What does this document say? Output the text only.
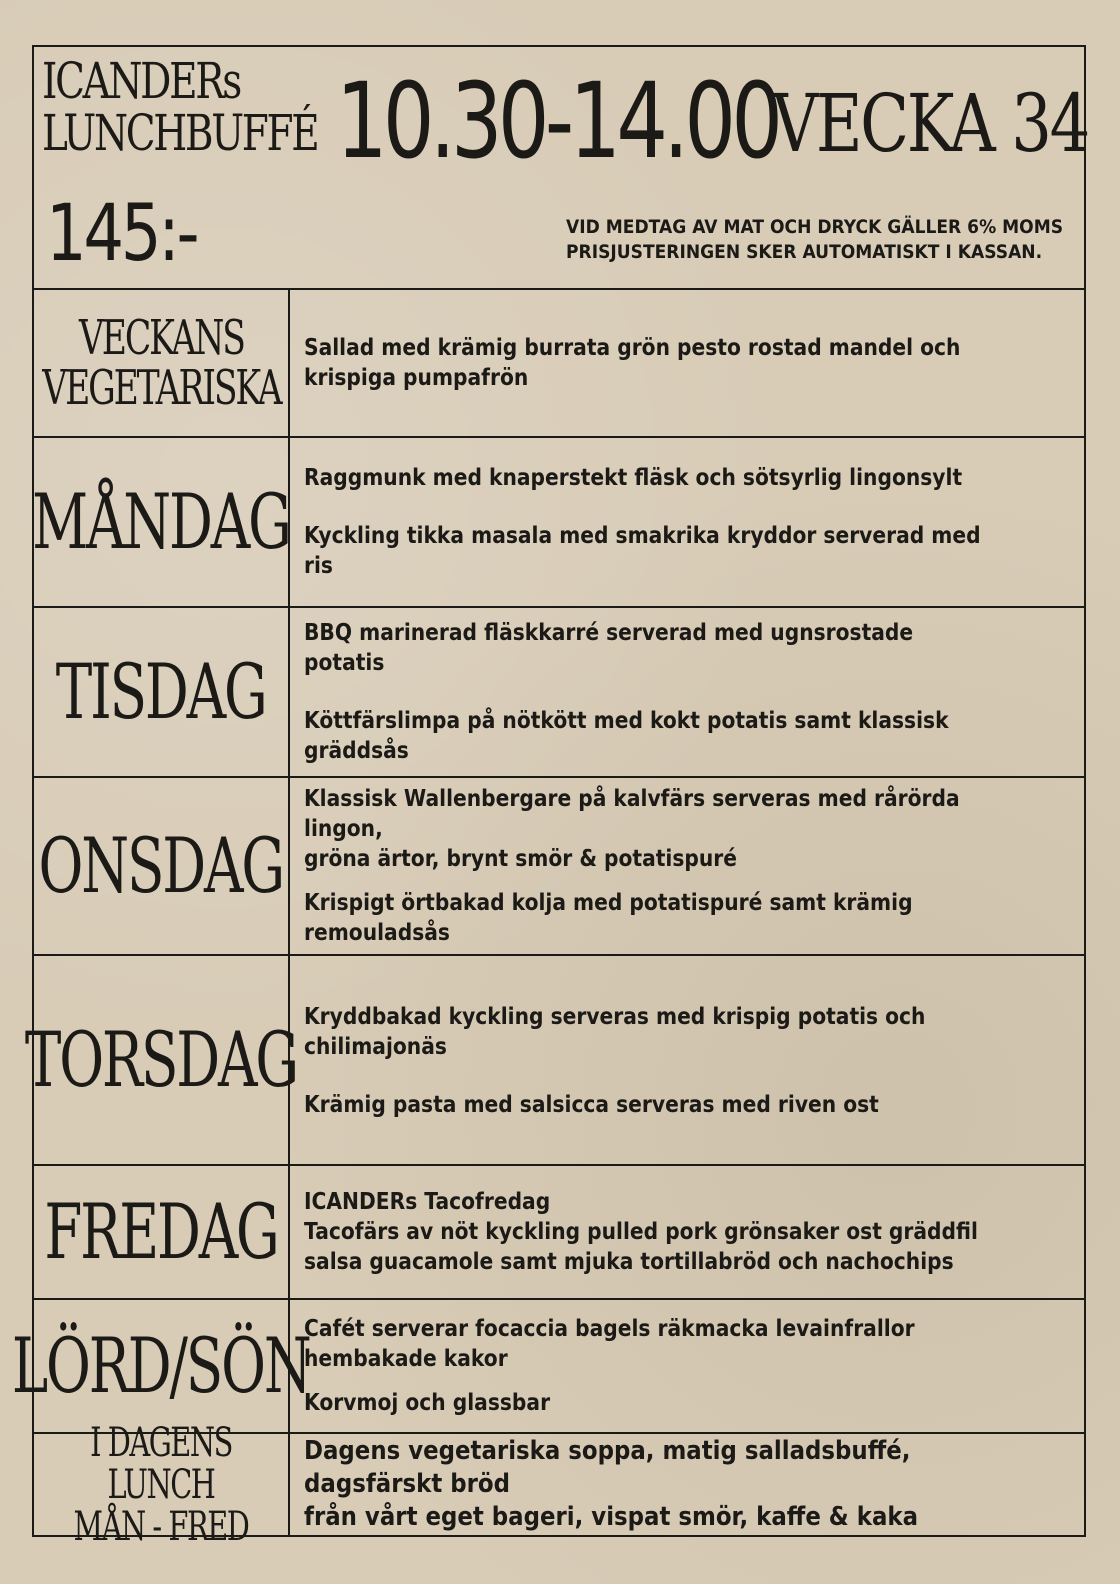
ICANDERs
LUNCHBUFFÉ
145:-
10.30-14.00
VECKA 34
VID MEDTAG AV MAT OCH DRYCK GÄLLER 6% MOMS
PRISJUSTERINGEN SKER AUTOMATISKT I KASSAN.
VECKANS
VEGETARISKA
Sallad med krämig burrata grön pesto rostad mandel och
krispiga pumpafrön
MÅNDAG Raggmunk med knaperstekt fläsk och sötsyrlig lingonsylt
Kyckling tikka masala med smakrika kryddor serverad med ris
TISDAG
BBQ marinerad fläskkarré serverad med ugnsrostade potatis
Köttfärslimpa på nötkött med kokt potatis samt klassisk gräddsås
ONSDAG
Klassisk Wallenbergare på kalvfärs serveras med rårörda lingon,
gröna ärtor, brynt smör & potatispuré
Krispigt örtbakad kolja med potatispuré samt krämig remouladsås
TORSDAG Kryddbakad kyckling serveras med krispig potatis och chilimajonäs
Krämig pasta med salsicca serveras med riven ost
FREDAG ICANDERs Tacofredag
Tacofärs av nöt kyckling pulled pork grönsaker ost gräddfil
salsa guacamole samt mjuka tortillabröd och nachochips
LÖRD/SÖN
Cafét serverar focaccia bagels räkmacka levainfrallor hembakade kakor
Korvmoj och glassbar
I DAGENS LUNCH
MÅN - FRED
Dagens vegetariska soppa, matig salladsbuffé, dagsfärskt bröd
från vårt eget bageri, vispat smör, kaffe & kaka
